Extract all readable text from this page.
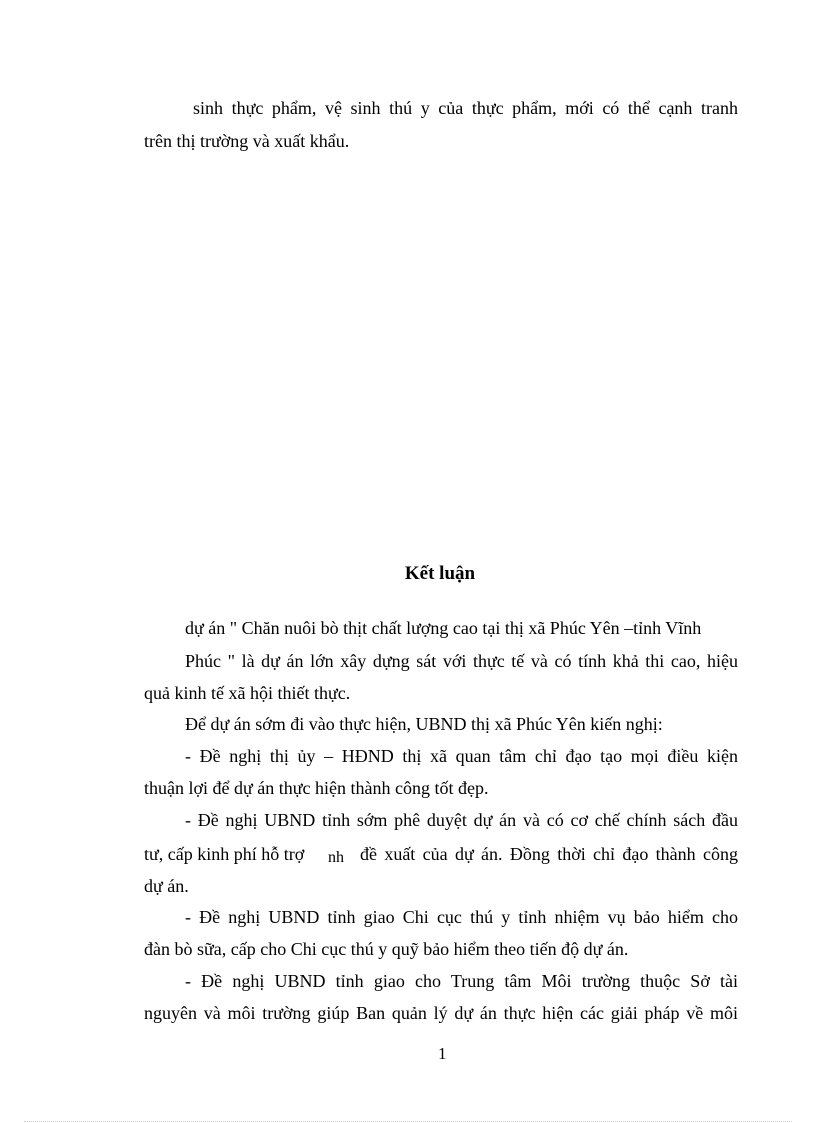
sinh thực phẩm, vệ sinh thú y của thực phẩm, mới có thể cạnh tranh
trên thị trường và xuất khẩu.
Kết luận
dự án " Chăn nuôi bò thịt chất lượng cao tại thị xã Phúc Yên –tỉnh Vĩnh
Phúc " là dự án lớn xây dựng sát với thực tế và có tính khả thi cao, hiệu
quả kinh tế xã hội thiết thực.
Để dự án sớm đi vào thực hiện, UBND thị xã Phúc Yên kiến nghị:
- Đề nghị thị ủy – HĐND thị xã quan tâm chỉ đạo tạo mọi điều kiện
thuận lợi để dự án thực hiện thành công tốt đẹp.
- Đề nghị UBND tỉnh sớm phê duyệt dự án và có cơ chế chính sách đầu
tư, cấp kinh phí hỗ trợ nh đề xuất của dự án. Đồng thời chỉ đạo thành công
dự án.
- Đề nghị UBND tỉnh giao Chi cục thú y tỉnh nhiệm vụ bảo hiểm cho
đàn bò sữa, cấp cho Chi cục thú y quỹ bảo hiểm theo tiến độ dự án.
- Đề nghị UBND tỉnh giao cho Trung tâm Môi trường thuộc Sở tài
nguyên và môi trường giúp Ban quản lý dự án thực hiện các giải pháp về môi
1
